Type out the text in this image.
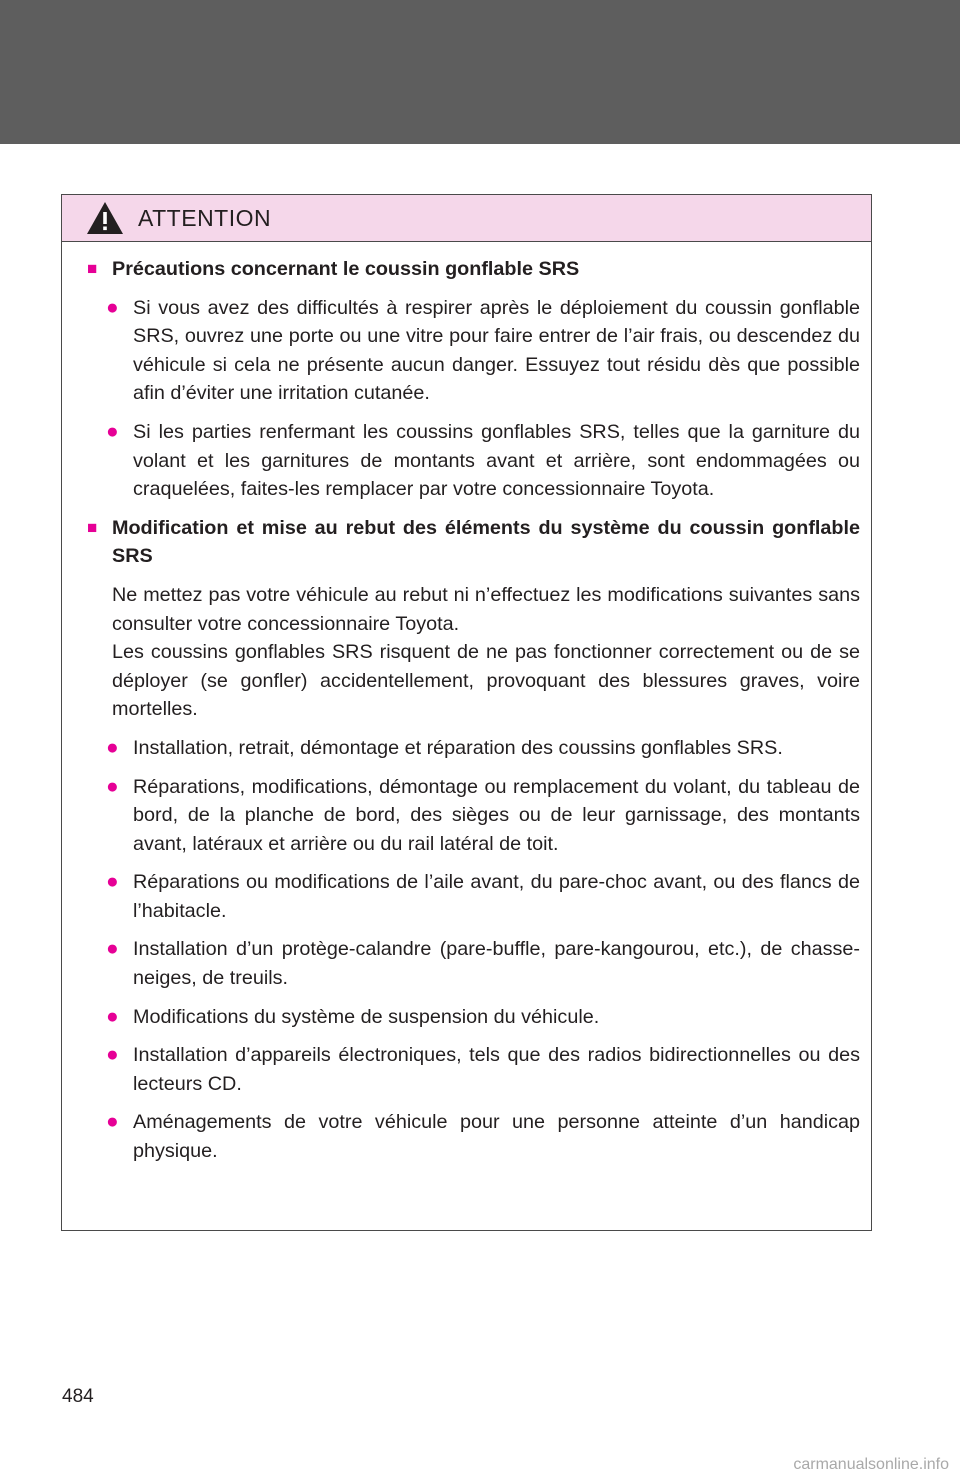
ATTENTION
■ Précautions concernant le coussin gonflable SRS
● Si vous avez des difficultés à respirer après le déploiement du coussin gonflable SRS, ouvrez une porte ou une vitre pour faire entrer de l’air frais, ou descendez du véhicule si cela ne présente aucun danger. Essuyez tout résidu dès que possible afin d’éviter une irritation cutanée.
● Si les parties renfermant les coussins gonflables SRS, telles que la garniture du volant et les garnitures de montants avant et arrière, sont endommagées ou craquelées, faites-les remplacer par votre concessionnaire Toyota.
■ Modification et mise au rebut des éléments du système du coussin gonflable SRS
Ne mettez pas votre véhicule au rebut ni n’effectuez les modifications suivantes sans consulter votre concessionnaire Toyota.
Les coussins gonflables SRS risquent de ne pas fonctionner correctement ou de se déployer (se gonfler) accidentellement, provoquant des blessures graves, voire mortelles.
● Installation, retrait, démontage et réparation des coussins gonflables SRS.
● Réparations, modifications, démontage ou remplacement du volant, du tableau de bord, de la planche de bord, des sièges ou de leur garnissage, des montants avant, latéraux et arrière ou du rail latéral de toit.
● Réparations ou modifications de l’aile avant, du pare-choc avant, ou des flancs de l’habitacle.
● Installation d’un protège-calandre (pare-buffle, pare-kangourou, etc.), de chasse-neiges, de treuils.
● Modifications du système de suspension du véhicule.
● Installation d’appareils électroniques, tels que des radios bidirectionnelles ou des lecteurs CD.
● Aménagements de votre véhicule pour une personne atteinte d’un handicap physique.
484
carmanualsonline.info
